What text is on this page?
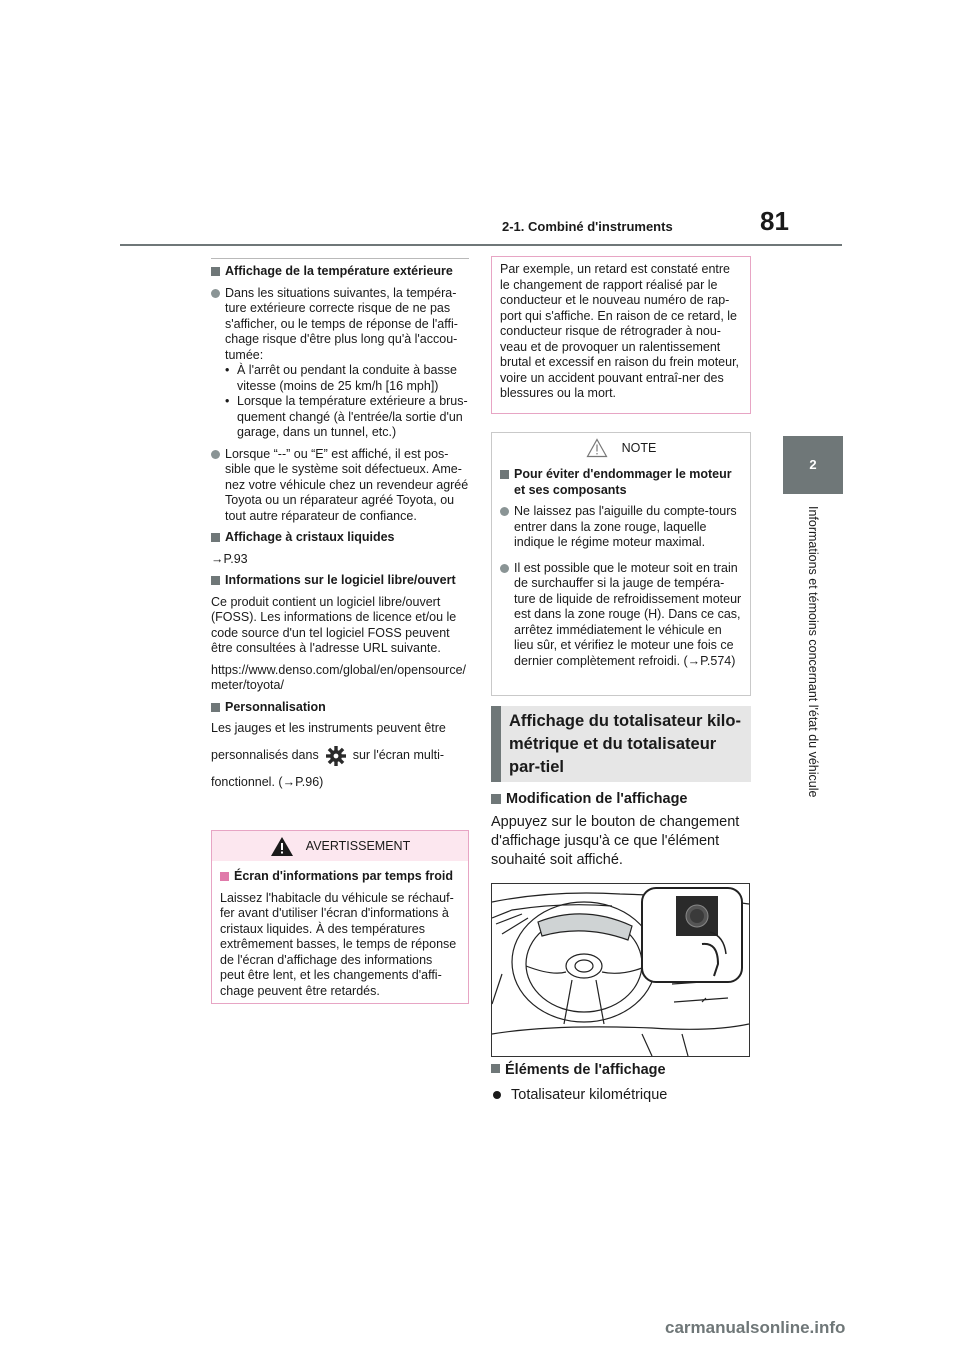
2-1. Combiné d'instruments	81
2
Informations et témoins concernant l'état du véhicule
Affichage de la température extérieure
Dans les situations suivantes, la tempéra-ture extérieure correcte risque de ne pas s'afficher, ou le temps de réponse de l'affi-chage risque d'être plus long qu'à l'accou-tumée:
• À l'arrêt ou pendant la conduite à basse vitesse (moins de 25 km/h [16 mph])
• Lorsque la température extérieure a brus-quement changé (à l'entrée/la sortie d'un garage, dans un tunnel, etc.)
Lorsque “--” ou “E” est affiché, il est pos-sible que le système soit défectueux. Ame-nez votre véhicule chez un revendeur agréé Toyota ou un réparateur agréé Toyota, ou tout autre réparateur de confiance.
Affichage à cristaux liquides

→P.93

Informations sur le logiciel libre/ouvert

Ce produit contient un logiciel libre/ouvert (FOSS). Les informations de licence et/ou le code source d'un tel logiciel FOSS peuvent être consultées à l'adresse URL suivante.

https://www.denso.com/global/en/opensource/meter/toyota/

Personnalisation

Les jauges et les instruments peuvent être

personnalisés dans	sur l'écran multi-

fonctionnel. (→P.96)

AVERTISSEMENT
Écran d'informations par temps froid
Laissez l'habitacle du véhicule se réchauf-fer avant d'utiliser l'écran d'informations à cristaux liquides. À des températures extrêmement basses, le temps de réponse de l'écran d'affichage des informations peut être lent, et les changements d'affi-chage peuvent être retardés.
Par exemple, un retard est constaté entre le changement de rapport réalisé par le conducteur et le nouveau numéro de rap-port qui s'affiche. En raison de ce retard, le conducteur risque de rétrograder à nou-veau et de provoquer un ralentissement brutal et excessif en raison du frein moteur, voire un accident pouvant entraî-ner des blessures ou la mort.
NOTE
Pour éviter d'endommager le moteur et ses composants
Ne laissez pas l'aiguille du compte-tours entrer dans la zone rouge, laquelle indique le régime moteur maximal.
Il est possible que le moteur soit en train de surchauffer si la jauge de tempéra-ture de liquide de refroidissement moteur est dans la zone rouge (H). Dans ce cas, arrêtez immédiatement le véhicule en lieu sûr, et vérifiez le moteur une fois ce dernier complètement refroidi. (→P.574)
Affichage du totalisateur kilo-métrique et du totalisateur par-tiel
Modification de l'affichage
Appuyez sur le bouton de changement d'affichage jusqu'à ce que l'élément souhaité soit affiché.
Éléments de l'affichage
Totalisateur kilométrique
carmanualsonline.info
